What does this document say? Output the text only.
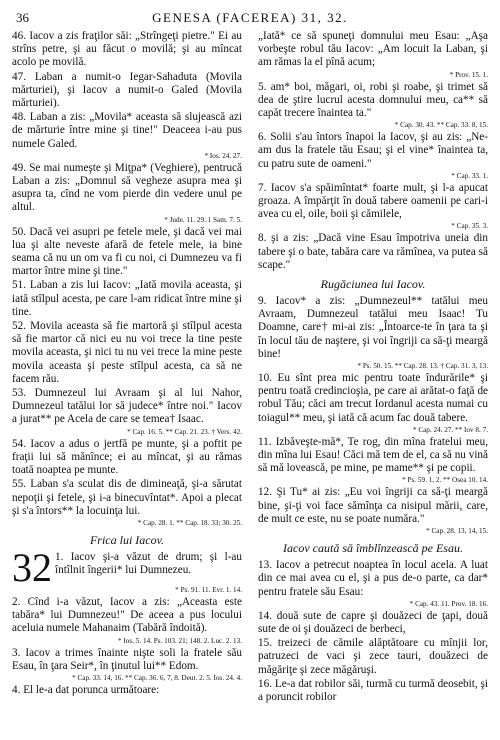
36	GENESA (FACEREA) 31, 32.
46. Iacov a zis fraţilor săi: „Strîngeţi pietre." Ei au strîns petre, şi au făcut o movilă; şi au mîncat acolo pe movilă.
47. Laban a numit-o Iegar-Sahaduta (Movila mărturiei), şi Iacov a numit-o Galed (Movila mărturiei).
48. Laban a zis: „Movila* aceasta să slujească azi de mărturie între mine şi tine!" Deaceea i-au pus numele Galed.
* Ios. 24. 27.
49. Se mai numeşte şi Miţpa* (Veghiere), pentrucă Laban a zis: „Domnul să vegheze asupra mea şi asupra ta, cînd ne vom pierde din vedere unul pe altul.
* Jude. 11. 29. 1 Sam. 7. 5.
50. Dacă vei asupri pe fetele mele, şi dacă vei mai lua şi alte neveste afară de fetele mele, ia bine seama că nu un om va fi cu noi, ci Dumnezeu va fi martor între mine şi tine."
51. Laban a zis lui Iacov: „Iată movila aceasta, şi iată stîlpul acesta, pe care l-am ridicat între mine şi tine.
52. Movila aceasta să fie martoră şi stîlpul acesta să fie martor că nici eu nu voi trece la tine peste movila aceasta, şi nici tu nu vei trece la mine peste movila aceasta şi peste stîlpul acesta, ca să ne facem rău.
53. Dumnezeul lui Avraam şi al lui Nahor, Dumnezeul tatălui lor să judece* între noi." Iacov a jurat** pe Acela de care se temea† Isaac.
* Cap. 16. 5. ** Cap. 21. 23. † Vers. 42.
54. Iacov a adus o jertfă pe munte, şi a poftit pe fraţii lui să mănînce; ei au mîncat, şi au rămas toată noaptea pe munte.
55. Laban s'a sculat dis de dimineaţă, şi-a sărutat nepoţii şi fetele, şi i-a binecuvîntat*. Apoi a plecat şi s'a întors** la locuinţa lui.
* Cap. 28. 1. ** Cap. 18. 33; 30. 25.
Frica lui Iacov.
32 1. Iacov şi-a văzut de drum; şi l-au întîlnit îngerii* lui Dumnezeu.
* Ps. 91. 11. Evr. 1. 14.
2. Cînd i-a văzut, Iacov a zis: „Aceasta este tabăra* lui Dumnezeu!" De aceea a pus locului aceluia numele Mahanaim (Tabără îndoită).
* Ios. 5. 14. Ps. 103. 21; 148. 2. Luc. 2. 13.
3. Iacov a trimes înainte nişte soli la fratele său Esau, în ţara Seir*, în ţinutul lui** Edom.
* Cap. 33. 14, 16. ** Cap. 36. 6, 7, 8. Deut. 2. 5. Ios. 24. 4.
4. El le-a dat porunca următoare:
„Iată* ce să spuneţi domnului meu Esau: „Aşa vorbeşte robul tău Iacov: „Am locuit la Laban, şi am rămas la el pînă acum;
* Prov. 15. 1.
5. am* boi, măgari, oi, robi şi roabe, şi trimet să dea de ştire lucrul acesta domnului meu, ca** să capăt trecere înaintea ta."
* Cap. 30. 43. ** Cap. 33. 8, 15.
6. Solii s'au întors înapoi la Iacov, şi au zis: „Ne-am dus la fratele tău Esau; şi el vine* înaintea ta, cu patru sute de oameni."
* Cap. 33. 1.
7. Iacov s'a spăimîntat* foarte mult, şi l-a apucat groaza. A împărţit în două tabere oamenii pe cari-i avea cu el, oile, boii şi cămilele,
* Cap. 35. 3.
8. şi a zis: „Dacă vine Esau împotriva uneia din tabere şi o bate, tabăra care va rămînea, va putea să scape."
Rugăciunea lui Iacov.
9. Iacov* a zis: „Dumnezeul** tatălui meu Avraam, Dumnezeul tatălui meu Isaac! Tu Doamne, care† mi-ai zis: „Întoarce-te în ţara ta şi în locul tău de naştere, şi voi îngriji ca să-ţi meargă bine!
* Ps. 50. 15. ** Cap. 28. 13. † Cap. 31. 3, 13.
10. Eu sînt prea mic pentru toate îndurările* şi pentru toată credincioşia, pe care ai arătat-o faţă de robul Tău; căci am trecut Iordanul acesta numai cu toiagul** meu, şi iată că acum fac două tabere.
* Cap. 24. 27. ** Iov 8. 7.
11. Izbăveşte-mă*, Te rog, din mîna fratelui meu, din mîna lui Esau! Căci mă tem de el, ca să nu vină să mă lovească, pe mine, pe mame** şi pe copii.
* Ps. 59. 1, 2. ** Osea 10. 14.
12. Şi Tu* ai zis: „Eu voi îngriji ca să-ţi meargă bine, şi-ţi voi face sămînţa ca nisipul mării, care, de mult ce este, nu se poate număra."
* Cap. 28. 13, 14, 15.
Iacov caută să îmblînzească pe Esau.
13. Iacov a petrecut noaptea în locul acela. A luat din ce mai avea cu el, şi a pus de-o parte, ca dar* pentru fratele său Esau:
* Cap. 43. 11. Prov. 18. 16.
14. două sute de capre şi douăzeci de ţapi, două sute de oi şi douăzeci de berbeci,
15. treizeci de cămile alăptătoare cu mînjii lor, patruzeci de vaci şi zece tauri, douăzeci de măgăriţe şi zece măgăruşi.
16. Le-a dat robilor săi, turmă cu turmă deosebit, şi a poruncit robilor
